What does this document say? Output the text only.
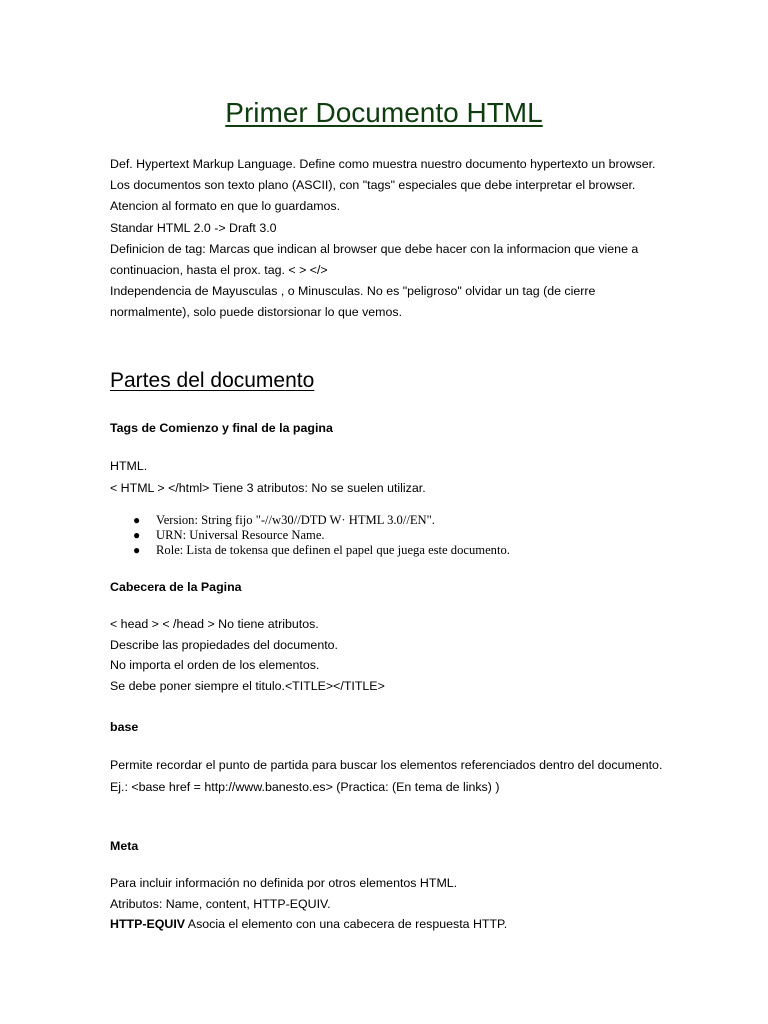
Primer Documento HTML

Def. Hypertext Markup Language. Define como muestra nuestro documento hypertexto un browser.

Los documentos son texto plano (ASCII), con "tags" especiales que debe interpretar el browser.

Atencion al formato en que lo guardamos.

Standar HTML 2.0 -> Draft 3.0

Definicion de tag: Marcas que indican al browser que debe hacer con la informacion que viene a continuacion, hasta el prox. tag. < > </>

Independencia de Mayusculas , o Minusculas. No es "peligroso" olvidar un tag (de cierre normalmente), solo puede distorsionar lo que vemos.

Partes del documento

Tags de Comienzo y final de la pagina

HTML.

< HTML > </html> Tiene 3 atributos: No se suelen utilizar.

● Version: String fijo "-//w30//DTD W· HTML 3.0//EN".
● URN: Universal Resource Name.
● Role: Lista de tokensa que definen el papel que juega este documento.

Cabecera de la Pagina

< head > < /head > No tiene atributos.

Describe las propiedades del documento.

No importa el orden de los elementos.

Se debe poner siempre el titulo.<TITLE></TITLE>

base

Permite recordar el punto de partida para buscar los elementos referenciados dentro del documento.

Ej.: <base href = http://www.banesto.es> (Practica: (En tema de links) )

Meta

Para incluir información no definida por otros elementos HTML.

Atributos: Name, content, HTTP-EQUIV.

HTTP-EQUIV Asocia el elemento con una cabecera de respuesta HTTP.
